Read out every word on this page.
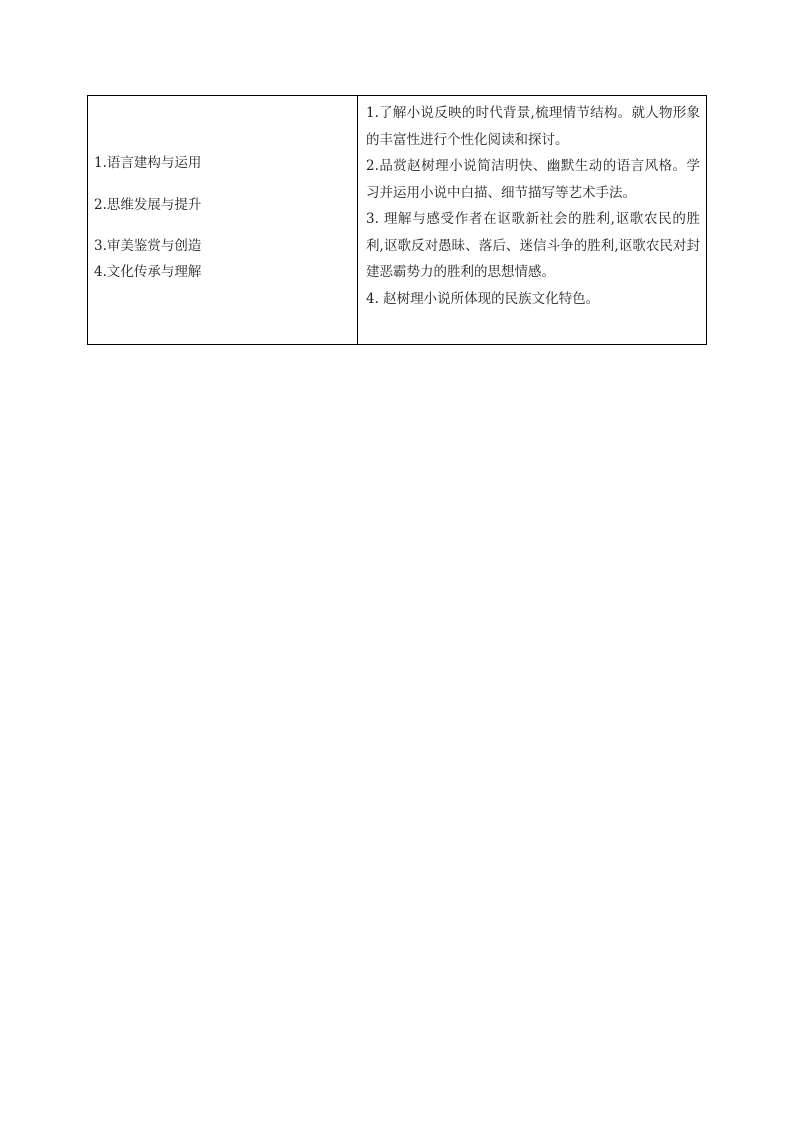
1.语言建构与运用
2.思维发展与提升
3.审美鉴赏与创造
4.文化传承与理解

1.了解小说反映的时代背景,梳理情节结构。就人物形象的丰富性进行个性化阅读和探讨。

2.品赏赵树理小说简洁明快、幽默生动的语言风格。学习并运用小说中白描、细节描写等艺术手法。

3. 理解与感受作者在讴歌新社会的胜利,讴歌农民的胜利,讴歌反对愚昧、落后、迷信斗争的胜利,讴歌农民对封建恶霸势力的胜利的思想情感。

4. 赵树理小说所体现的民族文化特色。
